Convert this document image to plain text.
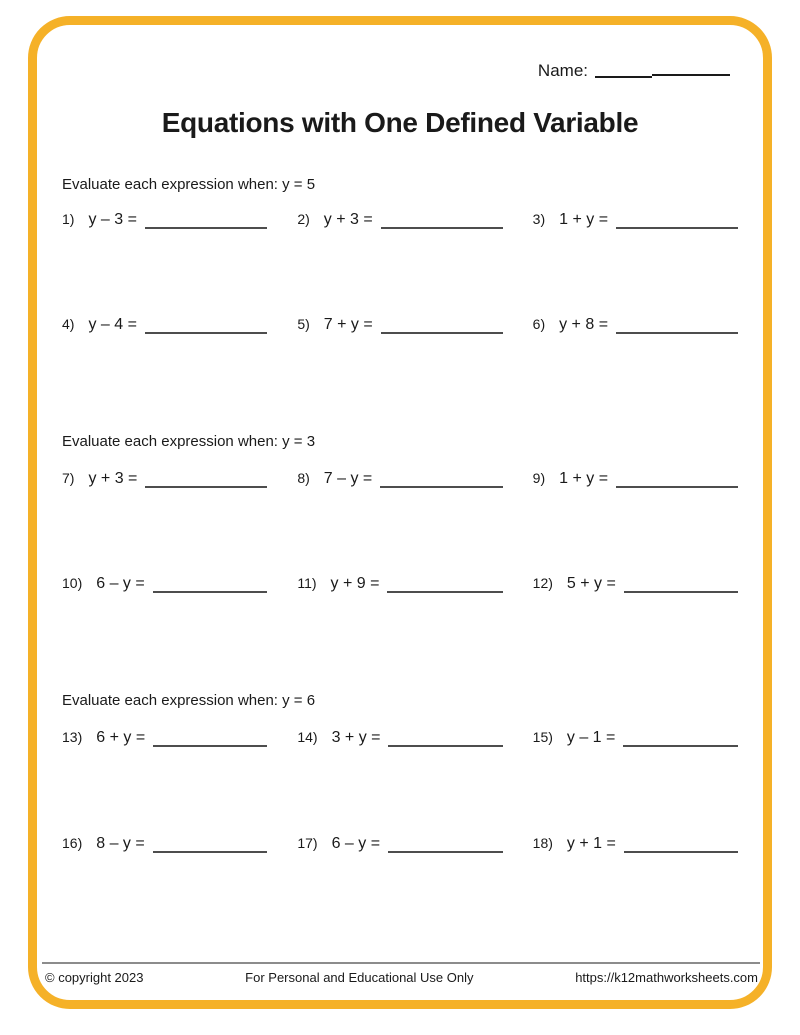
Name:
Equations with One Defined Variable
Evaluate each expression when: y = 5
1) y – 3 =	2) y + 3 =	3) 1 + y =
4) y – 4 =	5) 7 + y =	6) y + 8 =
Evaluate each expression when: y = 3
7) y + 3 =	8) 7 – y =	9) 1 + y =
10) 6 – y =	11) y + 9 =	12) 5 + y =
Evaluate each expression when: y = 6
13) 6 + y =	14) 3 + y =	15) y – 1 =
16) 8 – y =	17) 6 – y =	18) y + 1 =
© copyright 2023	For Personal and Educational Use Only	https://k12mathworksheets.com
